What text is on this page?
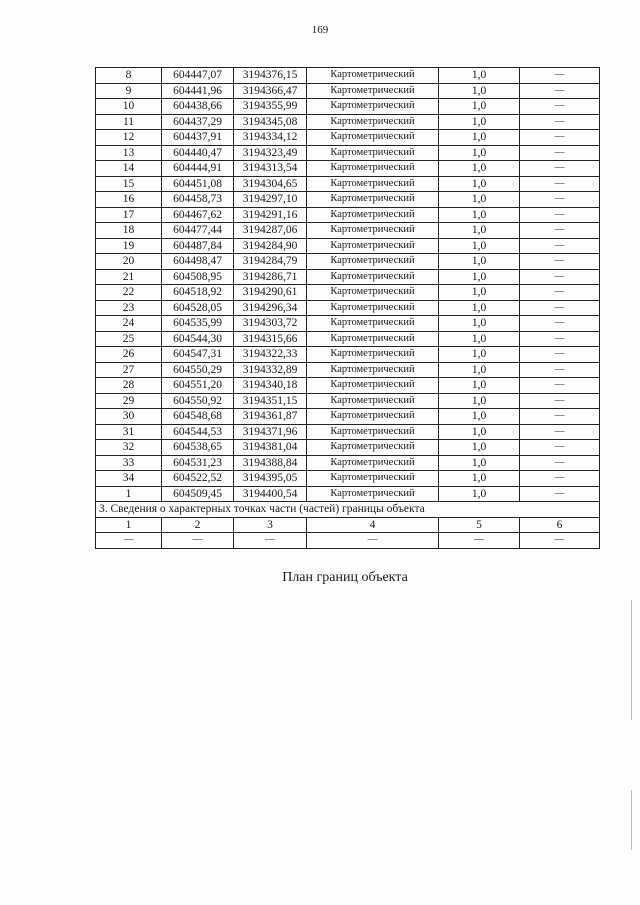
169
8	604447,07	3194376,15	Картометрический	1,0	—
9	604441,96	3194366,47	Картометрический	1,0	—
10	604438,66	3194355,99	Картометрический	1,0	—
11	604437,29	3194345,08	Картометрический	1,0	—
12	604437,91	3194334,12	Картометрический	1,0	—
13	604440,47	3194323,49	Картометрический	1,0	—
14	604444,91	3194313,54	Картометрический	1,0	—
15	604451,08	3194304,65	Картометрический	1,0	—
16	604458,73	3194297,10	Картометрический	1,0	—
17	604467,62	3194291,16	Картометрический	1,0	—
18	604477,44	3194287,06	Картометрический	1,0	—
19	604487,84	3194284,90	Картометрический	1,0	—
20	604498,47	3194284,79	Картометрический	1,0	—
21	604508,95	3194286,71	Картометрический	1,0	—
22	604518,92	3194290,61	Картометрический	1,0	—
23	604528,05	3194296,34	Картометрический	1,0	—
24	604535,99	3194303,72	Картометрический	1,0	—
25	604544,30	3194315,66	Картометрический	1,0	—
26	604547,31	3194322,33	Картометрический	1,0	—
27	604550,29	3194332,89	Картометрический	1,0	—
28	604551,20	3194340,18	Картометрический	1,0	—
29	604550,92	3194351,15	Картометрический	1,0	—
30	604548,68	3194361,87	Картометрический	1,0	—
31	604544,53	3194371,96	Картометрический	1,0	—
32	604538,65	3194381,04	Картометрический	1,0	—
33	604531,23	3194388,84	Картометрический	1,0	—
34	604522,52	3194395,05	Картометрический	1,0	—
1	604509,45	3194400,54	Картометрический	1,0	—
3. Сведения о характерных точках части (частей) границы объекта					
1	2	3	4	5	6
—	—	—	—	—	—
План границ объекта
